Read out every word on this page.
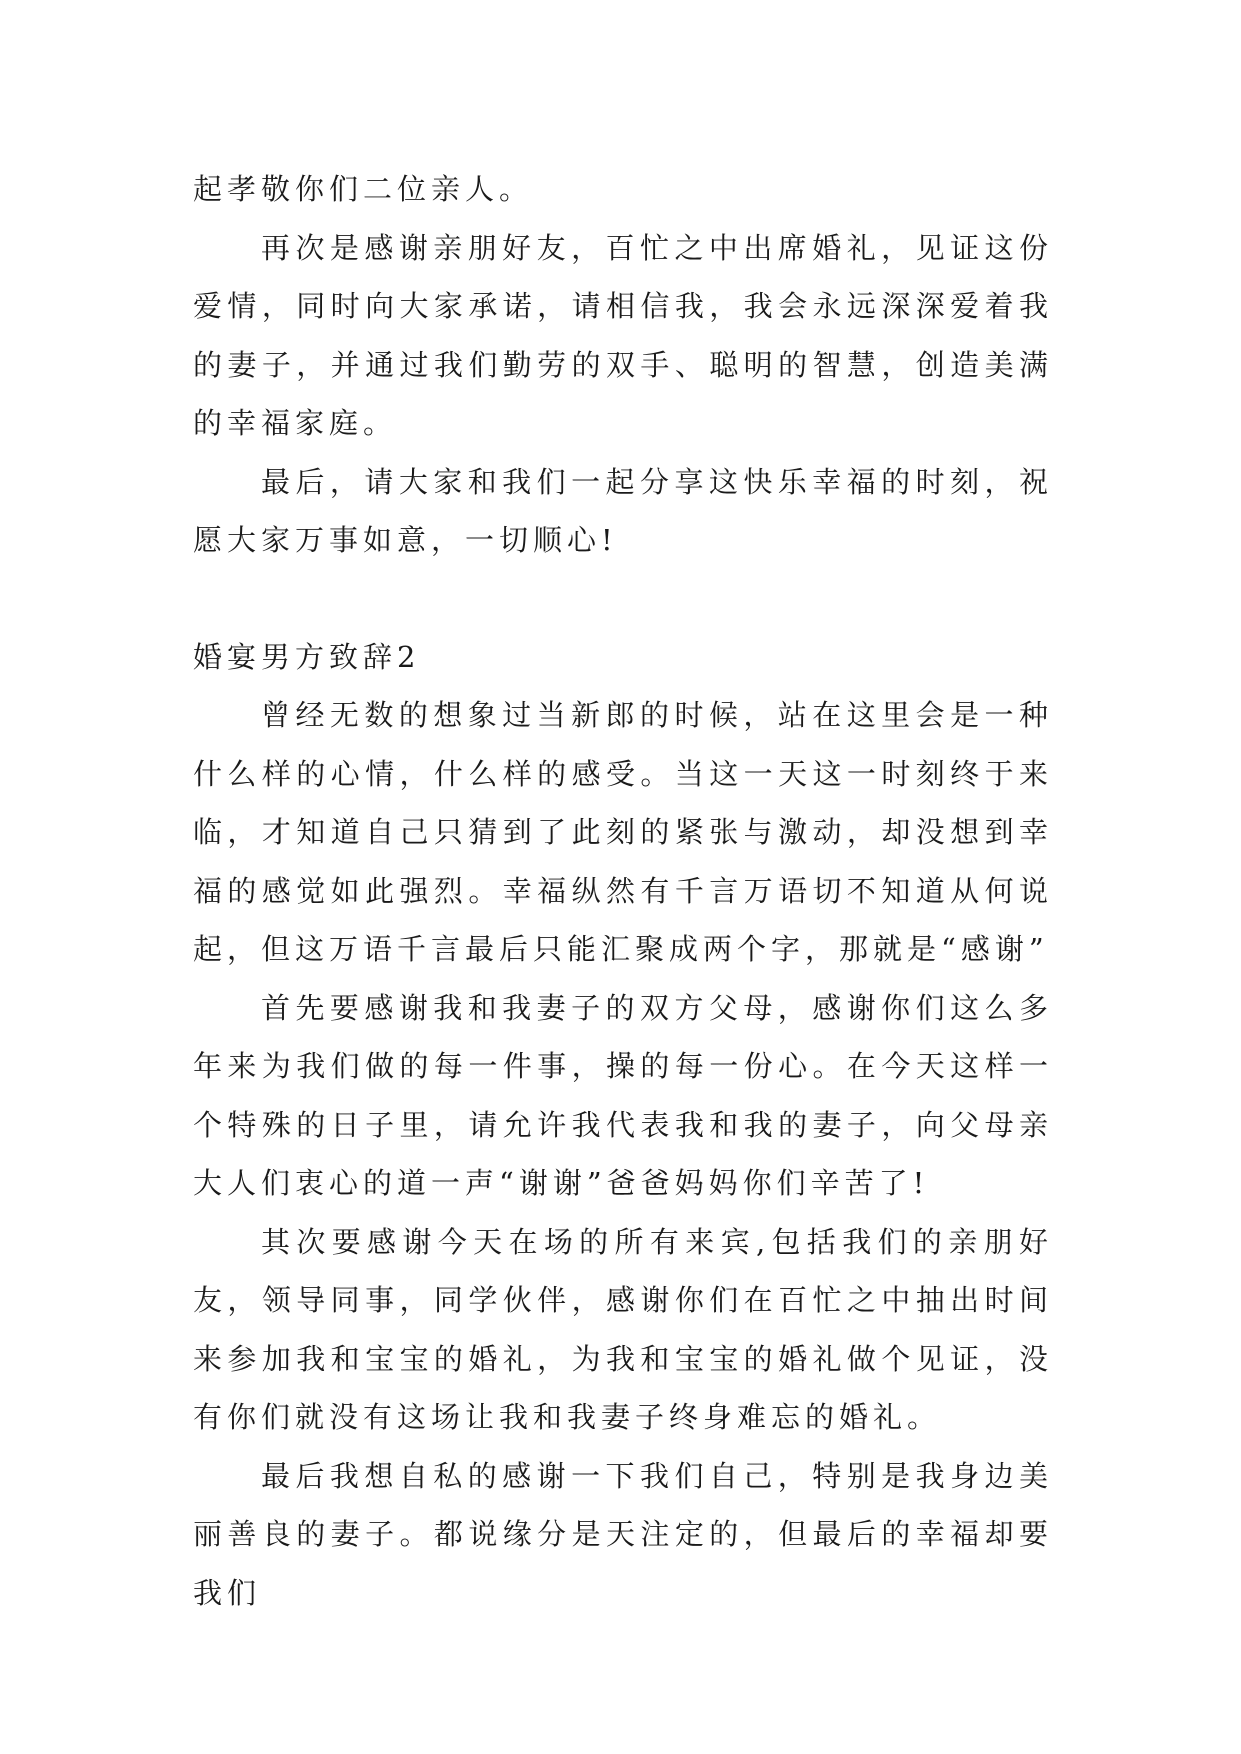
起孝敬你们二位亲人。

再次是感谢亲朋好友，百忙之中出席婚礼，见证这份爱情，同时向大家承诺，请相信我，我会永远深深爱着我的妻子，并通过我们勤劳的双手、聪明的智慧，创造美满的幸福家庭。

最后，请大家和我们一起分享这快乐幸福的时刻，祝愿大家万事如意，一切顺心!

婚宴男方致辞2

曾经无数的想象过当新郎的时候，站在这里会是一种什么样的心情，什么样的感受。当这一天这一时刻终于来临，才知道自己只猜到了此刻的紧张与激动，却没想到幸福的感觉如此强烈。幸福纵然有千言万语切不知道从何说起，但这万语千言最后只能汇聚成两个字，那就是“感谢”

首先要感谢我和我妻子的双方父母，感谢你们这么多年来为我们做的每一件事，操的每一份心。在今天这样一个特殊的日子里，请允许我代表我和我的妻子，向父母亲大人们衷心的道一声“谢谢”爸爸妈妈你们辛苦了!

其次要感谢今天在场的所有来宾,包括我们的亲朋好友，领导同事，同学伙伴，感谢你们在百忙之中抽出时间来参加我和宝宝的婚礼，为我和宝宝的婚礼做个见证，没有你们就没有这场让我和我妻子终身难忘的婚礼。

最后我想自私的感谢一下我们自己，特别是我身边美丽善良的妻子。都说缘分是天注定的，但最后的幸福却要我们
